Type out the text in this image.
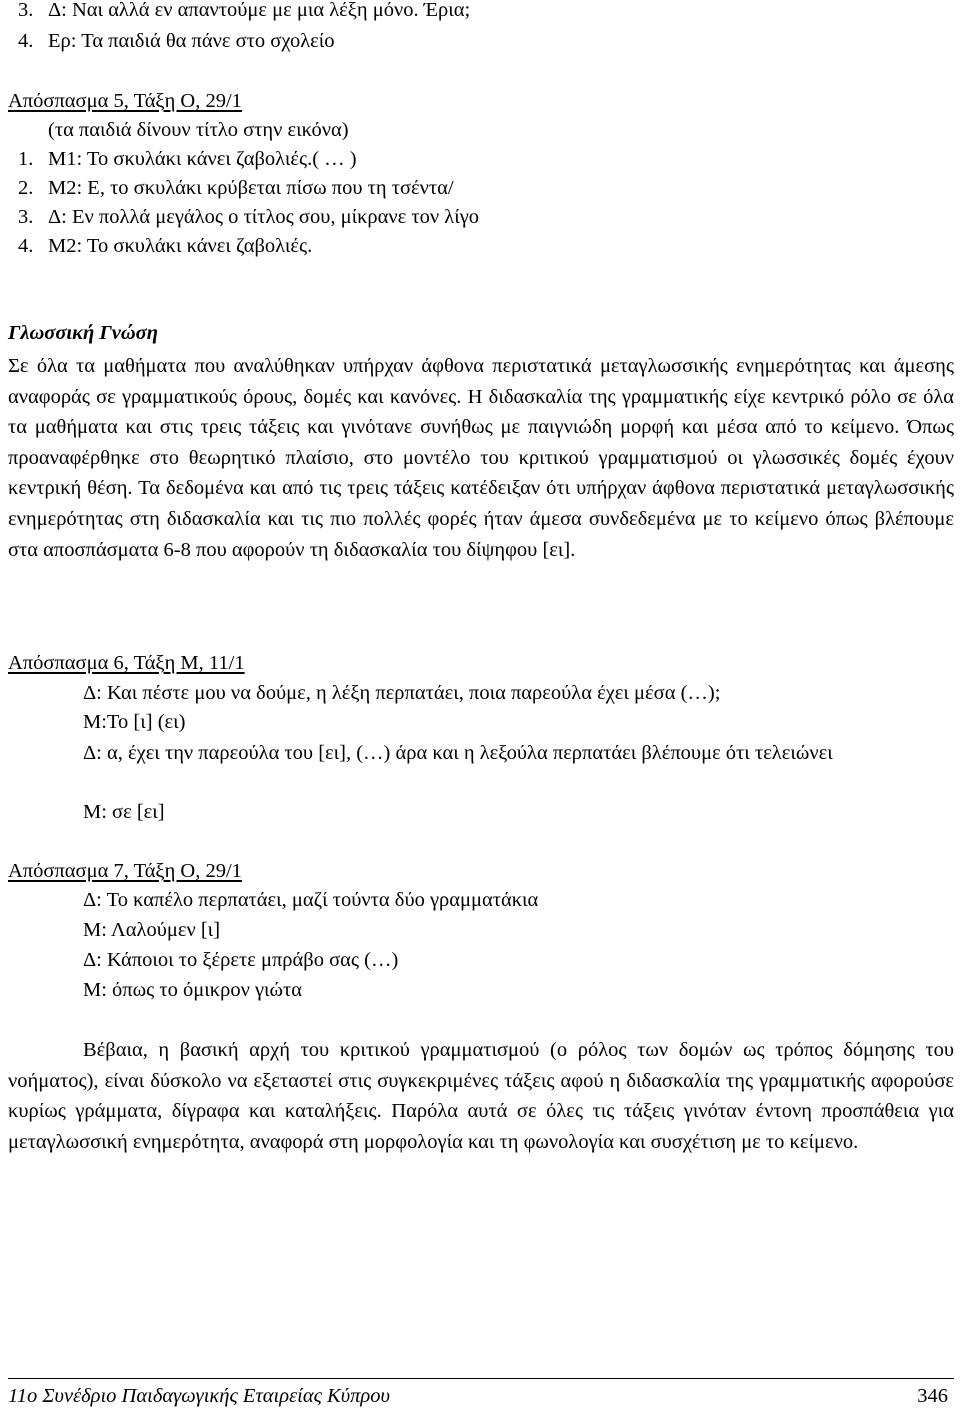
3. Δ: Ναι αλλά εν απαντούμε με μια λέξη μόνο. Έρια;
4. Ερ: Τα παιδιά θα πάνε στο σχολείο
Απόσπασμα 5, Τάξη Ο, 29/1
(τα παιδιά δίνουν τίτλο στην εικόνα)
1. Μ1: Το σκυλάκι κάνει ζαβολιές.( … )
2. Μ2: Ε, το σκυλάκι κρύβεται πίσω που τη τσέντα/
3. Δ: Εν πολλά μεγάλος ο τίτλος σου, μίκρανε τον λίγο
4. Μ2: Το σκυλάκι κάνει ζαβολιές.
Γλωσσική Γνώση
Σε όλα τα μαθήματα που αναλύθηκαν υπήρχαν άφθονα περιστατικά μεταγλωσσικής ενημερότητας και άμεσης αναφοράς σε γραμματικούς όρους, δομές και κανόνες. Η διδασκαλία της γραμματικής είχε κεντρικό ρόλο σε όλα τα μαθήματα και στις τρεις τάξεις και γινότανε συνήθως με παιγνιώδη μορφή και μέσα από το κείμενο. Όπως προαναφέρθηκε στο θεωρητικό πλαίσιο, στο μοντέλο του κριτικού γραμματισμού οι γλωσσικές δομές έχουν κεντρική θέση. Τα δεδομένα και από τις τρεις τάξεις κατέδειξαν ότι υπήρχαν άφθονα περιστατικά μεταγλωσσικής ενημερότητας στη διδασκαλία και τις πιο πολλές φορές ήταν άμεσα συνδεδεμένα με το κείμενο όπως βλέπουμε στα αποσπάσματα 6-8 που αφορούν τη διδασκαλία του δίψηφου [ει].
Απόσπασμα 6, Τάξη Μ, 11/1
Δ: Και πέστε μου να δούμε, η λέξη περπατάει, ποια παρεούλα έχει μέσα (…);
Μ:Το [ι] (ει)
Δ: α, έχει την παρεούλα του [ει], (…) άρα και η λεξούλα περπατάει βλέπουμε ότι τελειώνει
Μ: σε [ει]
Απόσπασμα 7, Τάξη Ο, 29/1
Δ: Το καπέλο περπατάει, μαζί τούντα δύο γραμματάκια
Μ: Λαλούμεν [ι]
Δ: Κάποιοι το ξέρετε μπράβο σας (…)
Μ: όπως το όμικρον γιώτα
Βέβαια, η βασική αρχή του κριτικού γραμματισμού (ο ρόλος των δομών ως τρόπος δόμησης του νοήματος), είναι δύσκολο να εξεταστεί στις συγκεκριμένες τάξεις αφού η διδασκαλία της γραμματικής αφορούσε κυρίως γράμματα, δίγραφα και καταλήξεις. Παρόλα αυτά σε όλες τις τάξεις γινόταν έντονη προσπάθεια για μεταγλωσσική ενημερότητα, αναφορά στη μορφολογία και τη φωνολογία και συσχέτιση με το κείμενο.
11ο Συνέδριο Παιδαγωγικής Εταιρείας Κύπρου	346
